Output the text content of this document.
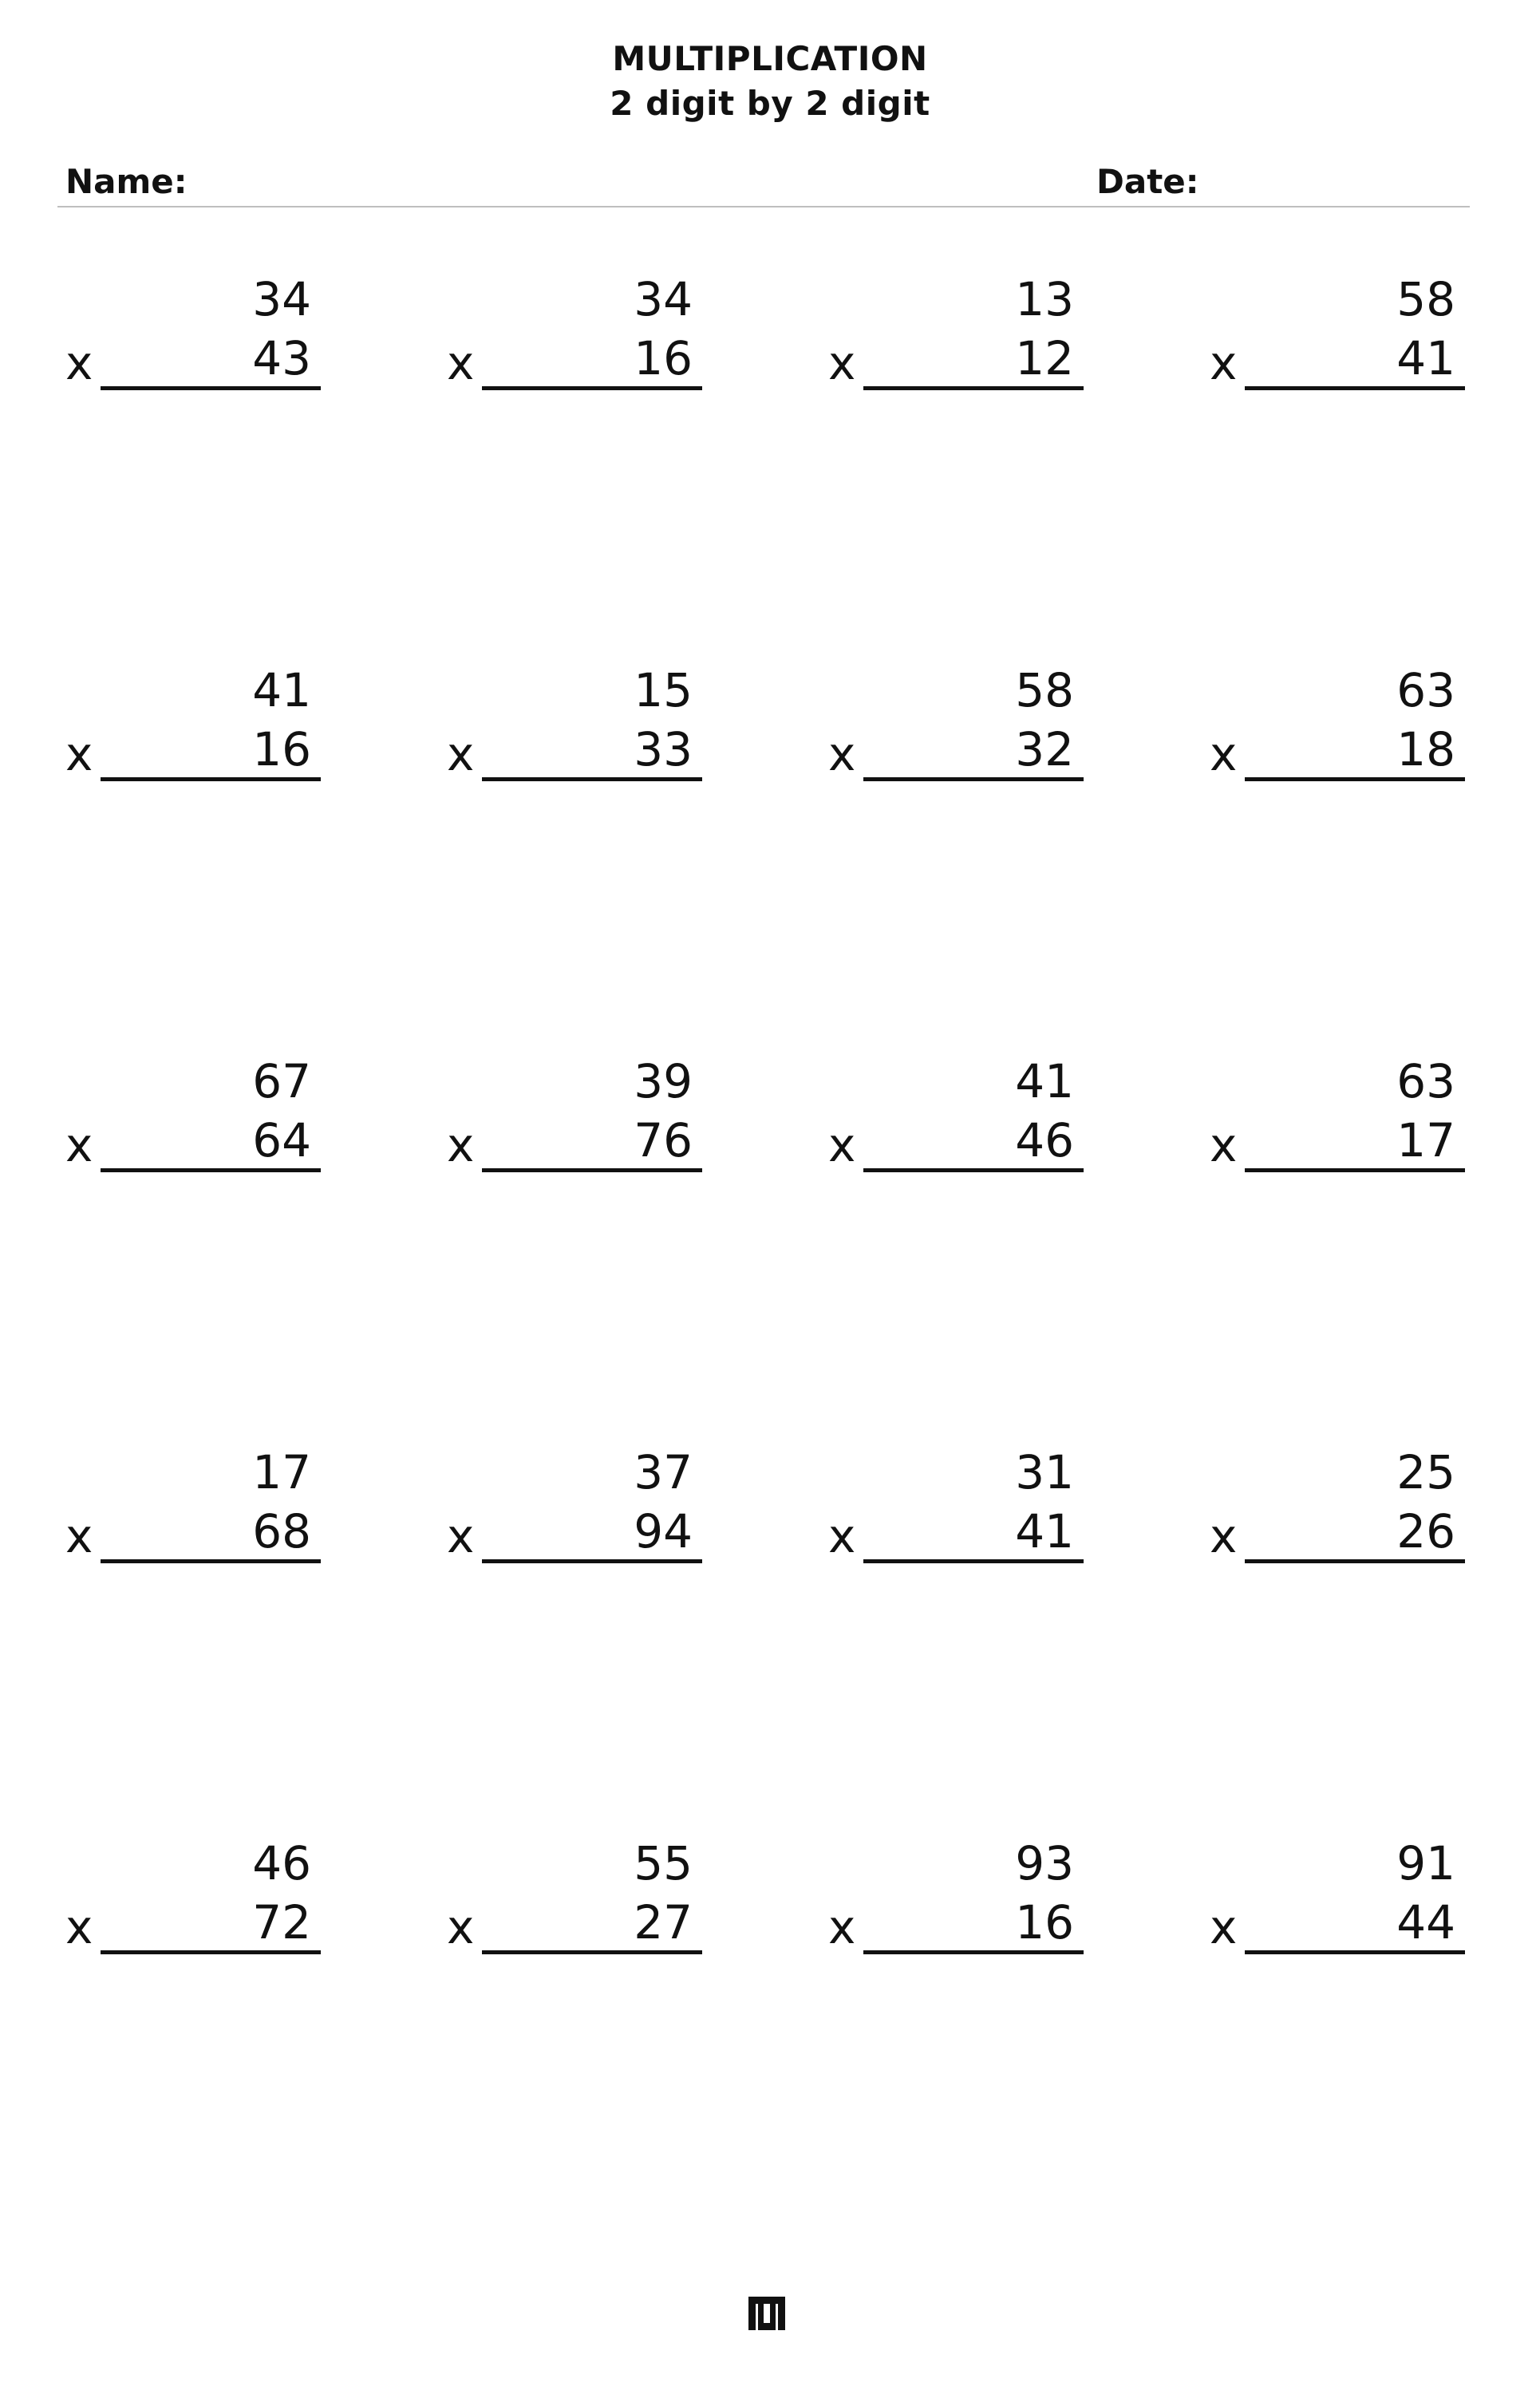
MULTIPLICATION
2 digit by 2 digit
Name:	Date:
34
x	43
34
x	16
13
x	12
58
x	41
41
x	16
15
x	33
58
x	32
63
x	18
67
x	64
39
x	76
41
x	46
63
x	17
17
x	68
37
x	94
31
x	41
25
x	26
46
x	72
55
x	27
93
x	16
91
x	44
